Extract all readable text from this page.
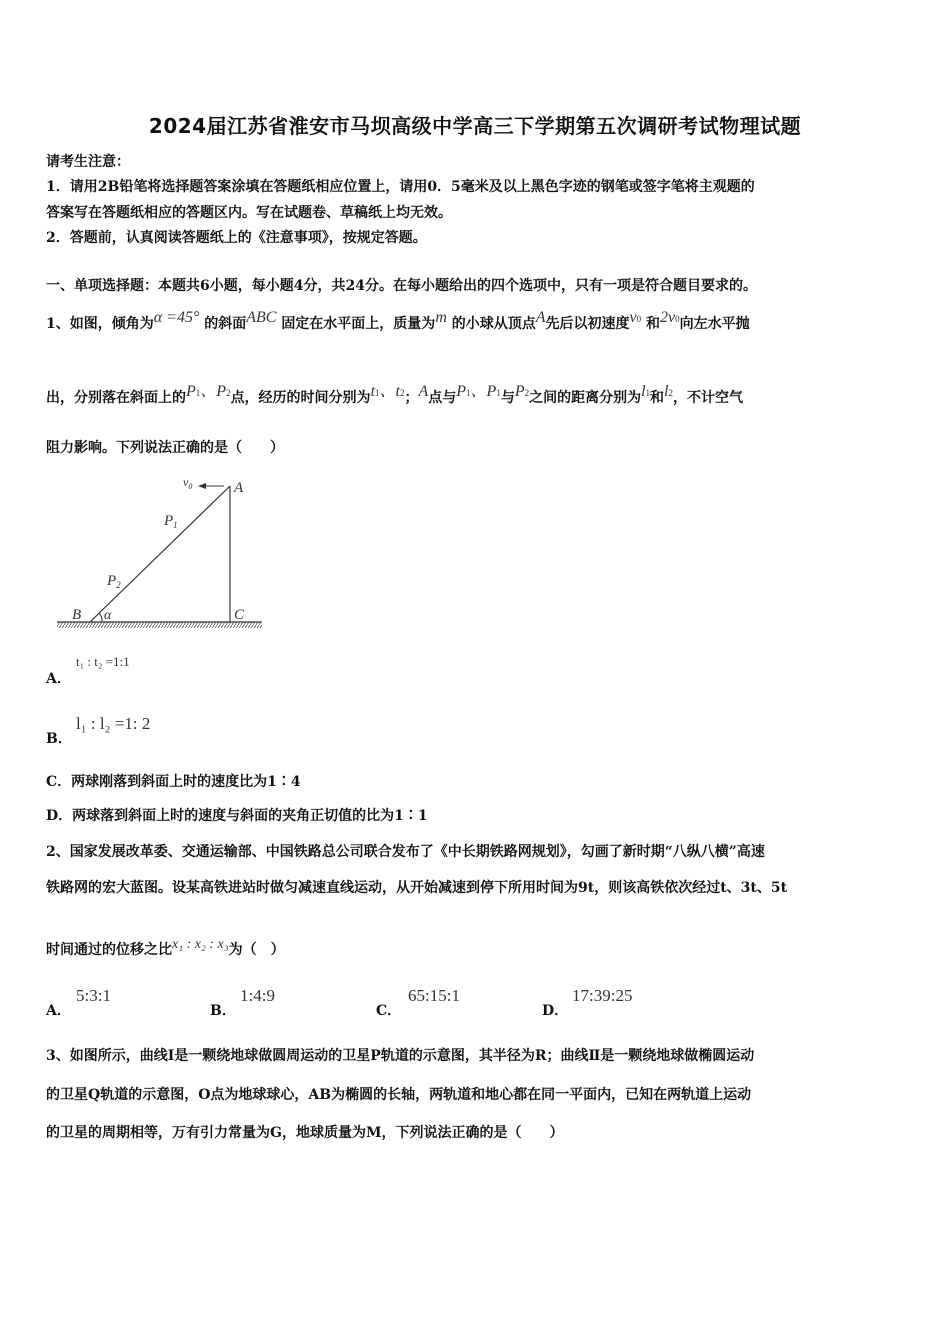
2024届江苏省淮安市马坝高级中学高三下学期第五次调研考试物理试题
请考生注意：
1．请用2B铅笔将选择题答案涂填在答题纸相应位置上，请用0．5毫米及以上黑色字迹的钢笔或签字笔将主观题的
答案写在答题纸相应的答题区内。写在试题卷、草稿纸上均无效。
2．答题前，认真阅读答题纸上的《注意事项》，按规定答题。
一、单项选择题：本题共6小题，每小题4分，共24分。在每小题给出的四个选项中，只有一项是符合题目要求的。
1、如图，倾角为α =45° 的斜面ABC 固定在水平面上，质量为m 的小球从顶点A先后以初速度v0 和2v0向左水平抛
出，分别落在斜面上的P1、P2点，经历的时间分别为t1、t2；A点与P1、P1与P2之间的距离分别为l1和l2，不计空气
阻力影响。下列说法正确的是（　　）
$v_0$	A
$P_1$
$P_2$
B α	C
t₁ : t₂ =1:1
A．
l₁ : l₂ =1: 2
B．
C．两球刚落到斜面上时的速度比为1∶4
D．两球落到斜面上时的速度与斜面的夹角正切值的比为1∶1
2、国家发展改革委、交通运输部、中国铁路总公司联合发布了《中长期铁路网规划》，勾画了新时期“八纵八横”高速
铁路网的宏大蓝图。设某高铁进站时做匀减速直线运动，从开始减速到停下所用时间为9t，则该高铁依次经过t、3t、5t
时间通过的位移之比x₁ : x₂ : x₃为（　）
5:3:1
A．
1:4:9
B．
65:15:1
C．
17:39:25
D．
3、如图所示，曲线Ⅰ是一颗绕地球做圆周运动的卫星P轨道的示意图，其半径为R；曲线Ⅱ是一颗绕地球做椭圆运动
的卫星Q轨道的示意图，O点为地球球心，AB为椭圆的长轴，两轨道和地心都在同一平面内，已知在两轨道上运动
的卫星的周期相等，万有引力常量为G，地球质量为M，下列说法正确的是（　　）
